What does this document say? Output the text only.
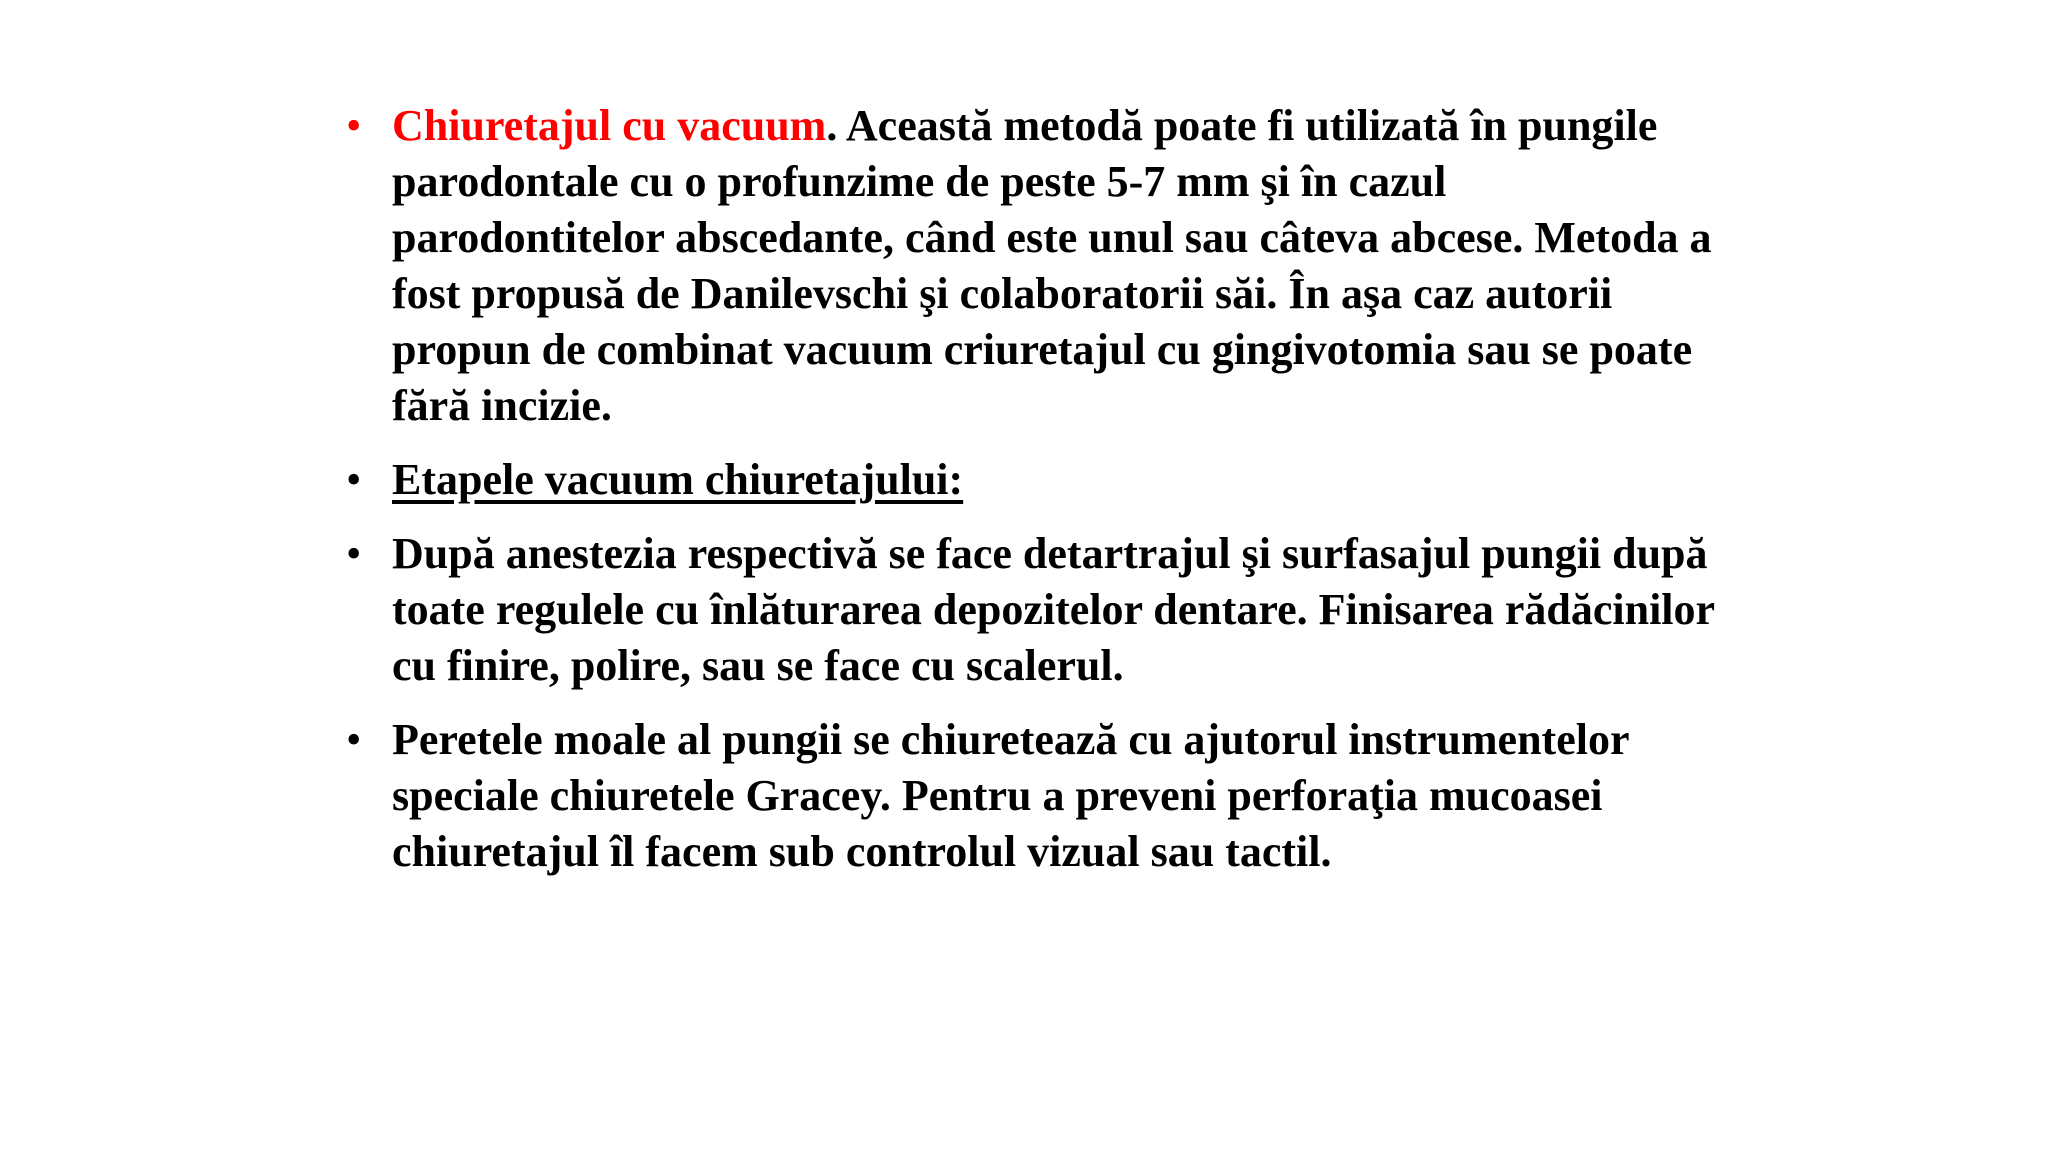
• Chiuretajul cu vacuum. Această metodă poate fi utilizată în pungile parodontale cu o profunzime de peste 5-7 mm şi în cazul parodontitelor abscedante, când este unul sau câteva abcese. Metoda a fost propusă de Danilevschi şi colaboratorii săi. În aşa caz autorii propun de combinat vacuum criuretajul cu gingivotomia sau se poate fără incizie.
• Etapele vacuum chiuretajului:
• După anestezia respectivă se face detartrajul şi surfasajul pungii după toate regulele cu înlăturarea depozitelor dentare. Finisarea rădăcinilor cu finire, polire, sau se face cu scalerul.
• Peretele moale al pungii se chiuretează cu ajutorul instrumentelor speciale chiuretele Gracey. Pentru a preveni perforaţia mucoasei chiuretajul îl facem sub controlul vizual sau tactil.
